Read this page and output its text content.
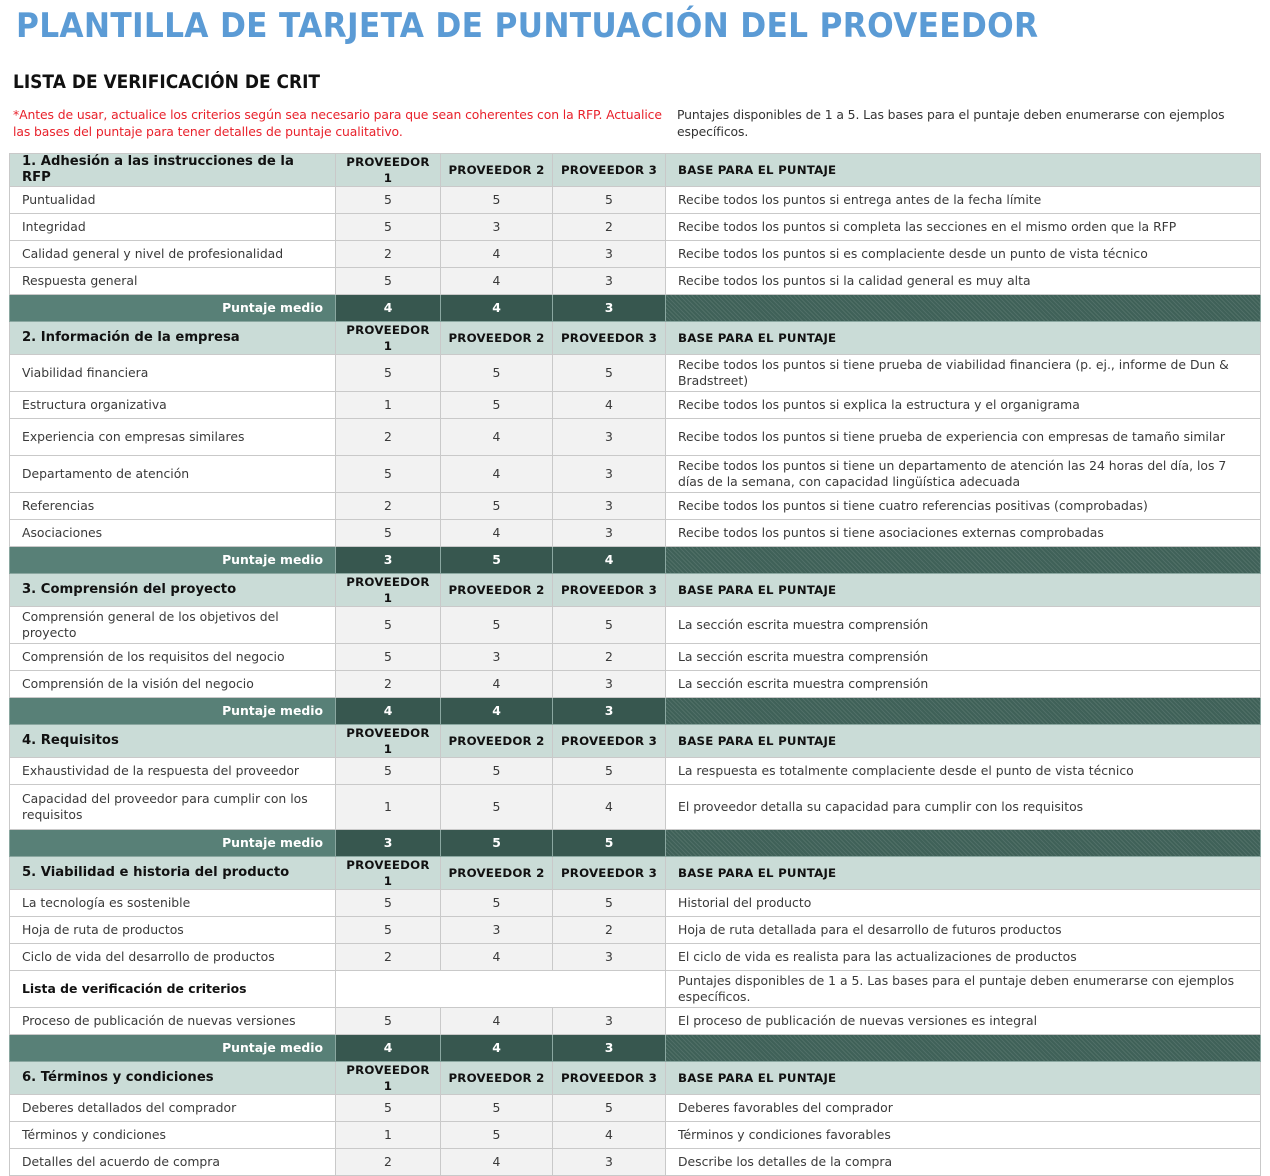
PLANTILLA DE TARJETA DE PUNTUACIÓN DEL PROVEEDOR
LISTA DE VERIFICACIÓN DE CRIT
*Antes de usar, actualice los criterios según sea necesario para que sean coherentes con la RFP. Actualice las bases del puntaje para tener detalles de puntaje cualitativo.
Puntajes disponibles de 1 a 5. Las bases para el puntaje deben enumerarse con ejemplos específicos.
1. Adhesión a las instrucciones de la RFP	PROVEEDOR 1	PROVEEDOR 2	PROVEEDOR 3	BASE PARA EL PUNTAJE
Puntualidad	5	5	5	Recibe todos los puntos si entrega antes de la fecha límite
Integridad	5	3	2	Recibe todos los puntos si completa las secciones en el mismo orden que la RFP
Calidad general y nivel de profesionalidad	2	4	3	Recibe todos los puntos si es complaciente desde un punto de vista técnico
Respuesta general	5	4	3	Recibe todos los puntos si la calidad general es muy alta
Puntaje medio	4	4	3	
2. Información de la empresa	PROVEEDOR 1	PROVEEDOR 2	PROVEEDOR 3	BASE PARA EL PUNTAJE
Viabilidad financiera	5	5	5	Recibe todos los puntos si tiene prueba de viabilidad financiera (p. ej., informe de Dun & Bradstreet)
Estructura organizativa	1	5	4	Recibe todos los puntos si explica la estructura y el organigrama
Experiencia con empresas similares	2	4	3	Recibe todos los puntos si tiene prueba de experiencia con empresas de tamaño similar
Departamento de atención	5	4	3	Recibe todos los puntos si tiene un departamento de atención las 24 horas del día, los 7 días de la semana, con capacidad lingüística adecuada
Referencias	2	5	3	Recibe todos los puntos si tiene cuatro referencias positivas (comprobadas)
Asociaciones	5	4	3	Recibe todos los puntos si tiene asociaciones externas comprobadas
Puntaje medio	3	5	4	
3. Comprensión del proyecto	PROVEEDOR 1	PROVEEDOR 2	PROVEEDOR 3	BASE PARA EL PUNTAJE
Comprensión general de los objetivos del proyecto	5	5	5	La sección escrita muestra comprensión
Comprensión de los requisitos del negocio	5	3	2	La sección escrita muestra comprensión
Comprensión de la visión del negocio	2	4	3	La sección escrita muestra comprensión
Puntaje medio	4	4	3	
4. Requisitos	PROVEEDOR 1	PROVEEDOR 2	PROVEEDOR 3	BASE PARA EL PUNTAJE
Exhaustividad de la respuesta del proveedor	5	5	5	La respuesta es totalmente complaciente desde el punto de vista técnico
Capacidad del proveedor para cumplir con los requisitos	1	5	4	El proveedor detalla su capacidad para cumplir con los requisitos
Puntaje medio	3	5	5	
5. Viabilidad e historia del producto	PROVEEDOR 1	PROVEEDOR 2	PROVEEDOR 3	BASE PARA EL PUNTAJE
La tecnología es sostenible	5	5	5	Historial del producto
Hoja de ruta de productos	5	3	2	Hoja de ruta detallada para el desarrollo de futuros productos
Ciclo de vida del desarrollo de productos	2	4	3	El ciclo de vida es realista para las actualizaciones de productos
Lista de verificación de criterios				Puntajes disponibles de 1 a 5. Las bases para el puntaje deben enumerarse con ejemplos específicos.
Proceso de publicación de nuevas versiones	5	4	3	El proceso de publicación de nuevas versiones es integral
Puntaje medio	4	4	3	
6. Términos y condiciones	PROVEEDOR 1	PROVEEDOR 2	PROVEEDOR 3	BASE PARA EL PUNTAJE
Deberes detallados del comprador	5	5	5	Deberes favorables del comprador
Términos y condiciones	1	5	4	Términos y condiciones favorables
Detalles del acuerdo de compra	2	4	3	Describe los detalles de la compra
